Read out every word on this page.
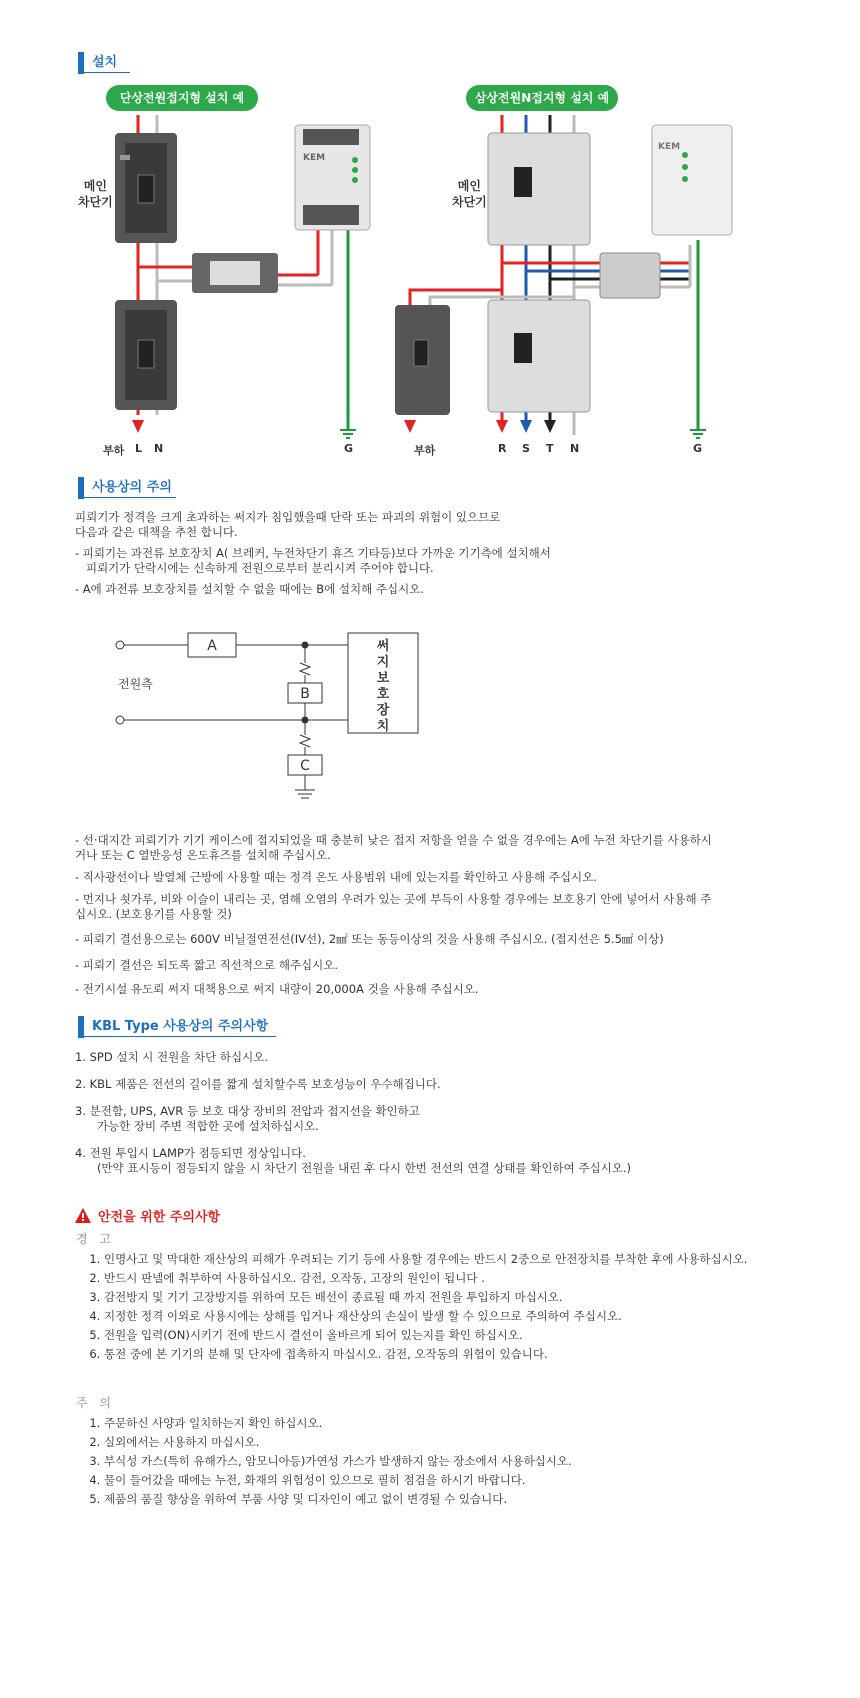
설치
단상전원접지형 설치 예	삼상전원N접지형 설치 예
KEM
메인
차단기
부하 L N	G
KEM
메인
차단기
부하	R S T N	G
사용상의 주의
피뢰기가 정격을 크게 초과하는 써지가 침입했을때 단락 또는 파괴의 위험이 있으므로
다음과 같은 대책을 추천 합니다.
- 피뢰기는 과전류 보호장치 A( 브레커, 누전차단기 휴즈 기타등)보다 가까운 기기측에 설치해서
피뢰기가 단락시에는 신속하게 전원으로부터 분리시켜 주어야 합니다.
- A에 과전류 보호장치를 설치할 수 없을 때에는 B에 설치해 주십시오.
A
B
C
전원측
써
지
보
호
장
치
- 선·대지간 피뢰기가 기기 케이스에 접지되었을 때 충분히 낮은 접지 저항을 얻을 수 없을 경우에는 A에 누전 차단기를 사용하시
거나 또는 C 열반응성 온도휴즈를 설치해 주십시오.
- 직사광선이나 발열체 근방에 사용할 때는 정격 온도 사용범위 내에 있는지를 확인하고 사용해 주십시오.
- 먼지나 쇳가루, 비와 이슬이 내리는 곳, 염해 오염의 우려가 있는 곳에 부득이 사용할 경우에는 보호용기 안에 넣어서 사용해 주
십시오. (보호용기를 사용할 것)
- 피뢰기 결선용으로는 600V 비닐절연전선(IV선), 2㎟ 또는 동등이상의 것을 사용해 주십시오. (접지선은 5.5㎟ 이상)
- 피뢰기 결선은 되도록 짧고 직선적으로 해주십시오.
- 전기시설 유도뢰 써지 대책용으로 써지 내량이 20,000A 것을 사용해 주십시오.
KBL Type 사용상의 주의사항
1. SPD 설치 시 전원을 차단 하십시오.
2. KBL 제품은 전선의 길이를 짧게 설치할수록 보호성능이 우수해집니다.
3. 분전함, UPS, AVR 등 보호 대상 장비의 전압과 접지선을 확인하고
가능한 장비 주변 적합한 곳에 설치하십시오.
4. 전원 투입시 LAMP가 점등되면 정상입니다.
(만약 표시등이 점등되지 않을 시 차단기 전원을 내린 후 다시 한번 전선의 연결 상태를 확인하여 주십시오.)
안전을 위한 주의사항
경 고
1. 인명사고 및 막대한 재산상의 피해가 우려되는 기기 등에 사용할 경우에는 반드시 2중으로 안전장치를 부착한 후에 사용하십시오.
2. 반드시 판넬에 취부하여 사용하십시오. 감전, 오작동, 고장의 원인이 됩니다 .
3. 감전방지 및 기기 고장방지를 위하여 모든 배선이 종료될 때 까지 전원을 투입하지 마십시오.
4. 지정한 정격 이외로 사용시에는 상해를 입거나 재산상의 손실이 발생 할 수 있으므로 주의하여 주십시오.
5. 전원을 입력(ON)시키기 전에 반드시 결선이 올바르게 되어 있는지를 확인 하십시오.
6. 통전 중에 본 기기의 분해 및 단자에 접촉하지 마십시오. 감전, 오작동의 위험이 있습니다.
주 의
1. 주문하신 사양과 일치하는지 확인 하십시오.
2. 실외에서는 사용하지 마십시오.
3. 부식성 가스(특히 유해가스, 암모니아등)가연성 가스가 발생하지 않는 장소에서 사용하십시오.
4. 물이 들어갔을 때에는 누전, 화재의 위험성이 있으므로 필히 점검을 하시기 바랍니다.
5. 제품의 품질 향상을 위하여 부품 사양 및 디자인이 예고 없이 변경될 수 있습니다.
